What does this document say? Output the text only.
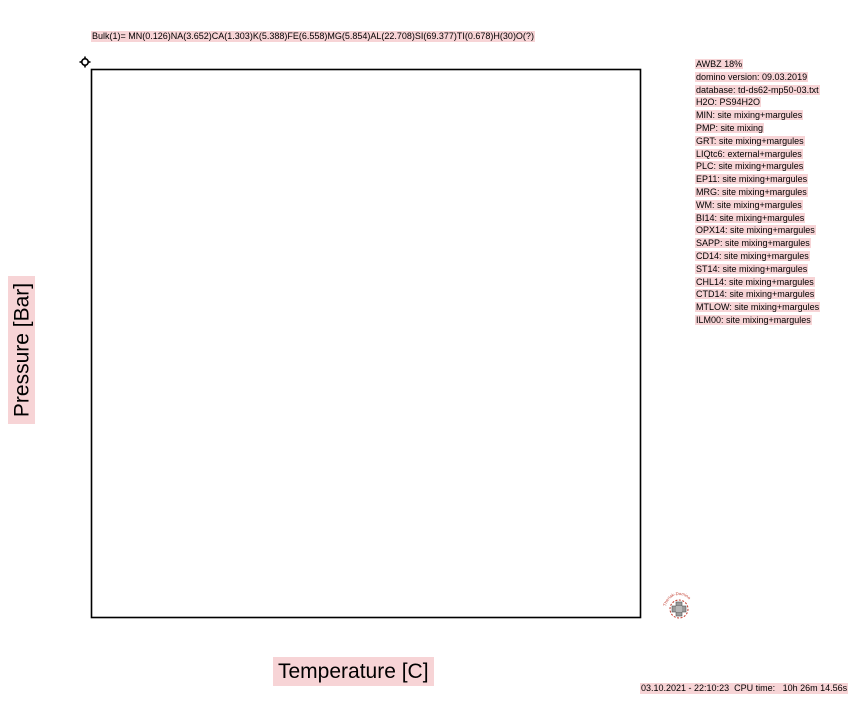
Bulk(1)= MN(0.126)NA(3.652)CA(1.303)K(5.388)FE(6.558)MG(5.854)AL(22.708)SI(69.377)TI(0.678)H(30)O(?)
AWBZ 18%
domino version: 09.03.2019
database: td-ds62-mp50-03.txt
H2O: PS94H2O
MIN: site mixing+margules
PMP: site mixing
GRT: site mixing+margules
LIQtc6: external+margules
PLC: site mixing+margules
EP11: site mixing+margules
MRG: site mixing+margules
WM: site mixing+margules
BI14: site mixing+margules
OPX14: site mixing+margules
SAPP: site mixing+margules
CD14: site mixing+margules
ST14: site mixing+margules
CHL14: site mixing+margules
CTD14: site mixing+margules
MTLOW: site mixing+margules
ILM00: site mixing+margules
Pressure [Bar]
Temperature [C]
Theriak-Domino
03.10.2021 - 22:10:23  CPU time:   10h 26m 14.56s
